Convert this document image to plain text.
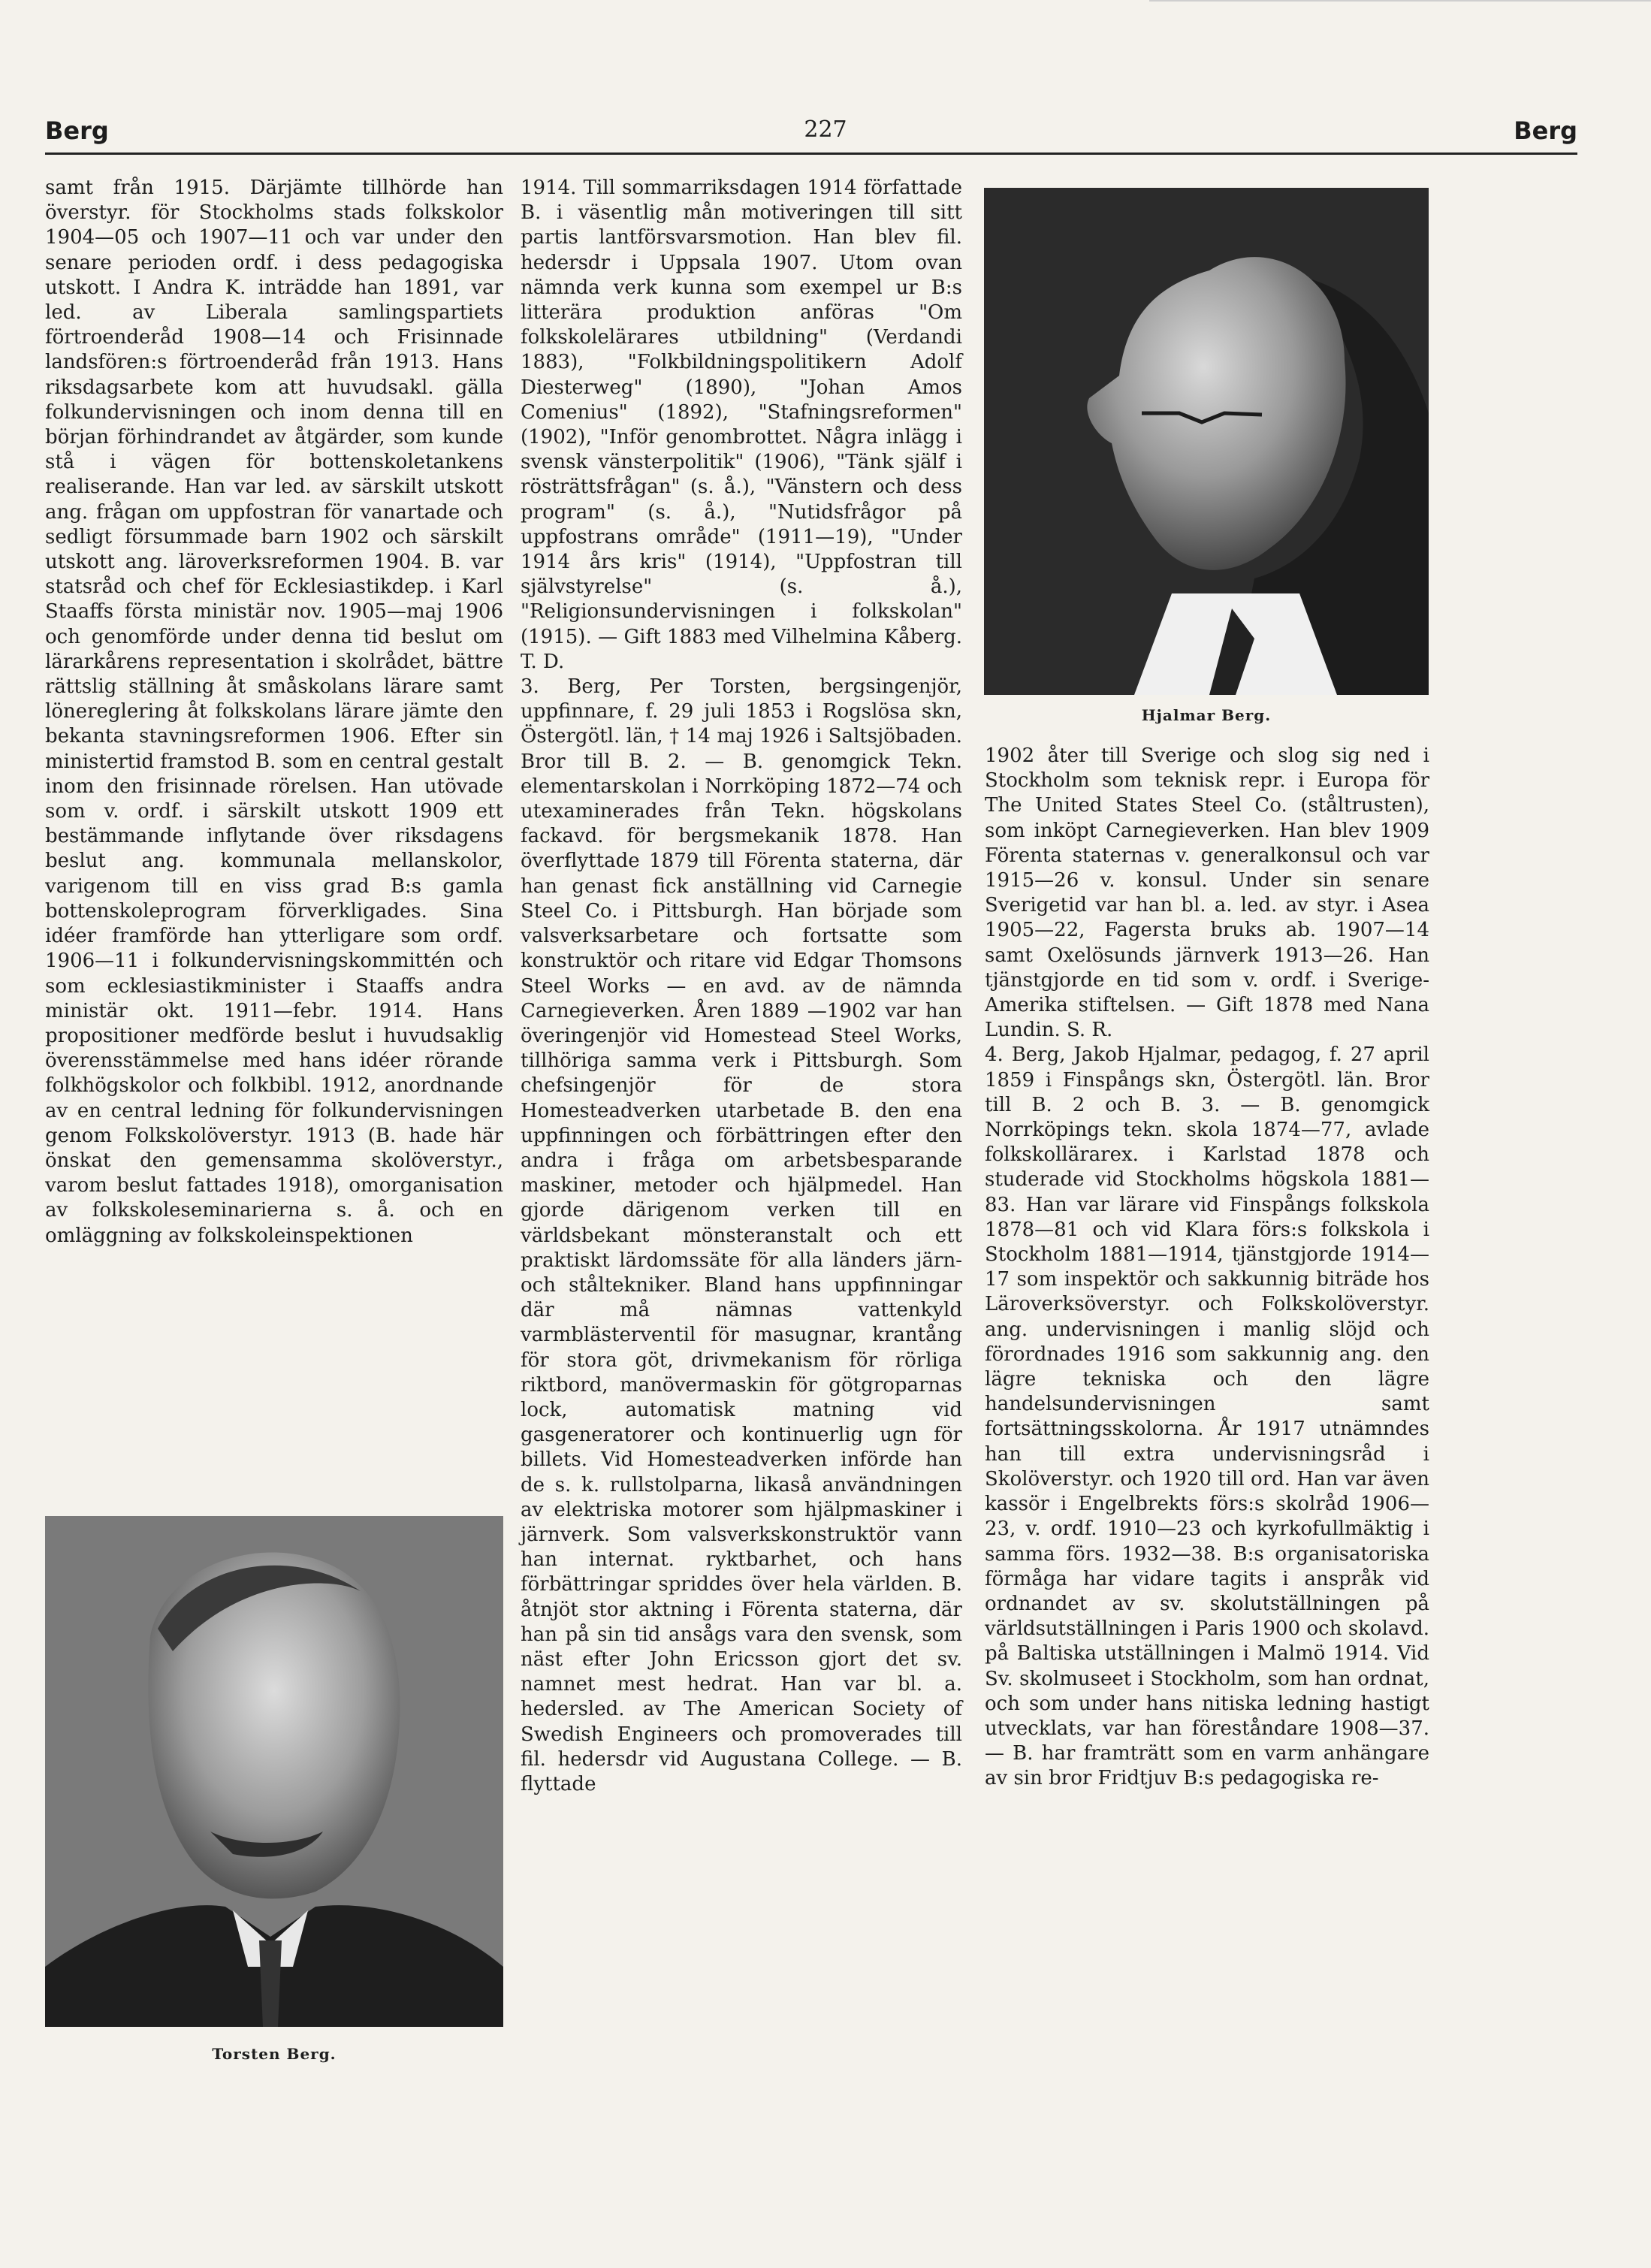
Berg	227	Berg
samt från 1915. Därjämte tillhörde han överstyr. för Stockholms stads folkskolor 1904—05 och 1907—11 och var under den senare perioden ordf. i dess pedagogiska utskott. I Andra K. inträdde han 1891, var led. av Liberala samlingspartiets förtroenderåd 1908—14 och Frisinnade landsfören:s förtroenderåd från 1913. Hans riksdagsarbete kom att huvudsakl. gälla folkundervisningen och inom denna till en början förhindrandet av åtgärder, som kunde stå i vägen för bottenskoletankens realiserande. Han var led. av särskilt utskott ang. frågan om uppfostran för vanartade och sedligt försummade barn 1902 och särskilt utskott ang. läroverksreformen 1904. B. var statsråd och chef för Ecklesiastikdep. i Karl Staaffs första ministär nov. 1905—maj 1906 och genomförde under denna tid beslut om lärarkårens representation i skolrådet, bättre rättslig ställning åt småskolans lärare samt lönereglering åt folkskolans lärare jämte den bekanta stavningsreformen 1906. Efter sin ministertid framstod B. som en central gestalt inom den frisinnade rörelsen. Han utövade som v. ordf. i särskilt utskott 1909 ett bestämmande inflytande över riksdagens beslut ang. kommunala mellanskolor, varigenom till en viss grad B:s gamla bottenskoleprogram förverkligades. Sina idéer framförde han ytterligare som ordf. 1906—11 i folkundervisningskommittén och som ecklesiastikminister i Staaffs andra ministär okt. 1911—febr. 1914. Hans propositioner medförde beslut i huvudsaklig överensstämmelse med hans idéer rörande folkhögskolor och folkbibl. 1912, anordnande av en central ledning för folkundervisningen genom Folkskolöverstyr. 1913 (B. hade här önskat den gemensamma skolöverstyr., varom beslut fattades 1918), omorganisation av folkskoleseminarierna s. å. och en omläggning av folkskoleinspektionen
1914. Till sommarriksdagen 1914 författade B. i väsentlig mån motiveringen till sitt partis lantförsvarsmotion. Han blev fil. hedersdr i Uppsala 1907. Utom ovan nämnda verk kunna som exempel ur B:s litterära produktion anföras "Om folkskolelärares utbildning" (Verdandi 1883), "Folkbildningspolitikern Adolf Diesterweg" (1890), "Johan Amos Comenius" (1892), "Stafningsreformen" (1902), "Inför genombrottet. Några inlägg i svensk vänsterpolitik" (1906), "Tänk själf i rösträttsfrågan" (s. å.), "Vänstern och dess program" (s. å.), "Nutidsfrågor på uppfostrans område" (1911—19), "Under 1914 års kris" (1914), "Uppfostran till självstyrelse" (s. å.), "Religionsundervisningen i folkskolan" (1915). — Gift 1883 med Vilhelmina Kåberg. T. D.
3. Berg, Per Torsten, bergsingenjör, uppfinnare, f. 29 juli 1853 i Rogslösa skn, Östergötl. län, † 14 maj 1926 i Saltsjöbaden. Bror till B. 2. — B. genomgick Tekn. elementarskolan i Norrköping 1872—74 och utexaminerades från Tekn. högskolans fackavd. för bergsmekanik 1878. Han överflyttade 1879 till Förenta staterna, där han genast fick anställning vid Carnegie Steel Co. i Pittsburgh. Han började som valsverksarbetare och fortsatte som konstruktör och ritare vid Edgar Thomsons Steel Works — en avd. av de nämnda Carnegieverken. Åren 1889 —1902 var han överingenjör vid Homestead Steel Works, tillhöriga samma verk i Pittsburgh. Som chefsingenjör för de stora Homesteadverken utarbetade B. den ena uppfinningen och förbättringen efter den andra i fråga om arbetsbesparande maskiner, metoder och hjälpmedel. Han gjorde därigenom verken till en världsbekant mönsteranstalt och ett praktiskt lärdomssäte för alla länders järn- och ståltekniker. Bland hans uppfinningar där må nämnas vattenkyld varmblästerventil för masugnar, krantång för stora göt, drivmekanism för rörliga riktbord, manövermaskin för götgroparnas lock, automatisk matning vid gasgeneratorer och kontinuerlig ugn för billets. Vid Homesteadverken införde han de s. k. rullstolparna, likaså användningen av elektriska motorer som hjälpmaskiner i järnverk. Som valsverkskonstruktör vann han internat. ryktbarhet, och hans förbättringar spriddes över hela världen. B. åtnjöt stor aktning i Förenta staterna, där han på sin tid ansågs vara den svensk, som näst efter John Ericsson gjort det sv. namnet mest hedrat. Han var bl. a. hedersled. av The American Society of Swedish Engineers och promoverades till fil. hedersdr vid Augustana College. — B. flyttade
Hjalmar Berg.
1902 åter till Sverige och slog sig ned i Stockholm som teknisk repr. i Europa för The United States Steel Co. (ståltrusten), som inköpt Carnegieverken. Han blev 1909 Förenta staternas v. generalkonsul och var 1915—26 v. konsul. Under sin senare Sverigetid var han bl. a. led. av styr. i Asea 1905—22, Fagersta bruks ab. 1907—14 samt Oxelösunds järnverk 1913—26. Han tjänstgjorde en tid som v. ordf. i Sverige-Amerika stiftelsen. — Gift 1878 med Nana Lundin. S. R.
4. Berg, Jakob Hjalmar, pedagog, f. 27 april 1859 i Finspångs skn, Östergötl. län. Bror till B. 2 och B. 3. — B. genomgick Norrköpings tekn. skola 1874—77, avlade folkskollärarex. i Karlstad 1878 och studerade vid Stockholms högskola 1881—83. Han var lärare vid Finspångs folkskola 1878—81 och vid Klara förs:s folkskola i Stockholm 1881—1914, tjänstgjorde 1914—17 som inspektör och sakkunnig biträde hos Läroverksöverstyr. och Folkskolöverstyr. ang. undervisningen i manlig slöjd och förordnades 1916 som sakkunnig ang. den lägre tekniska och den lägre handelsundervisningen samt fortsättningsskolorna. År 1917 utnämndes han till extra undervisningsråd i Skolöverstyr. och 1920 till ord. Han var även kassör i Engelbrekts förs:s skolråd 1906—23, v. ordf. 1910—23 och kyrkofullmäktig i samma förs. 1932—38. B:s organisatoriska förmåga har vidare tagits i anspråk vid ordnandet av sv. skolutställningen på världsutställningen i Paris 1900 och skolavd. på Baltiska utställningen i Malmö 1914. Vid Sv. skolmuseet i Stockholm, som han ordnat, och som under hans nitiska ledning hastigt utvecklats, var han föreståndare 1908—37. — B. har framträtt som en varm anhängare av sin bror Fridtjuv B:s pedagogiska re-
Torsten Berg.
